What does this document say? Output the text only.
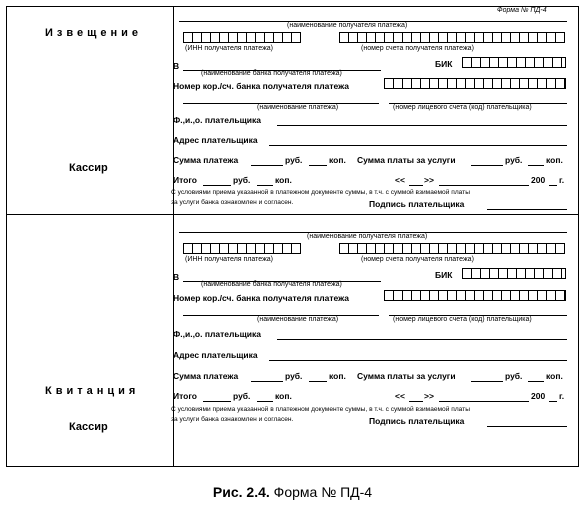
Форма № ПД-4
Извещение
Кассир
(наименование получателя платежа)
(ИНН получателя платежа)	(номер счета получателя платежа)
В	БИК
(наименование банка получателя платежа)
Номер кор./сч. банка получателя платежа
(наименование платежа)	(номер лицевого счета (код) плательщика)
Ф.,и.,о. плательщика
Адрес плательщика
Сумма платежа	руб.	коп. Сумма платы за услуги	руб.	коп.
Итого	руб.	коп.	<< >>	200 г.
С условиями приема указанной в платежном документе суммы, в т.ч. с суммой взимаемой платы
за услуги банка ознакомлен и согласен.	Подпись плательщика
Квитанция
Кассир
(наименование получателя платежа)
(ИНН получателя платежа)	(номер счета получателя платежа)
В	БИК
(наименование банка получателя платежа)
Номер кор./сч. банка получателя платежа
(наименование платежа)	(номер лицевого счета (код) плательщика)
Ф.,и.,о. плательщика
Адрес плательщика
Сумма платежа	руб.	коп. Сумма платы за услуги	руб.	коп.
Итого	руб.	коп.	<< >>	200 г.
С условиями приема указанной в платежном документе суммы, в т.ч. с суммой взимаемой платы
за услуги банка ознакомлен и согласен.	Подпись плательщика
Рис. 2.4. Форма № ПД-4
